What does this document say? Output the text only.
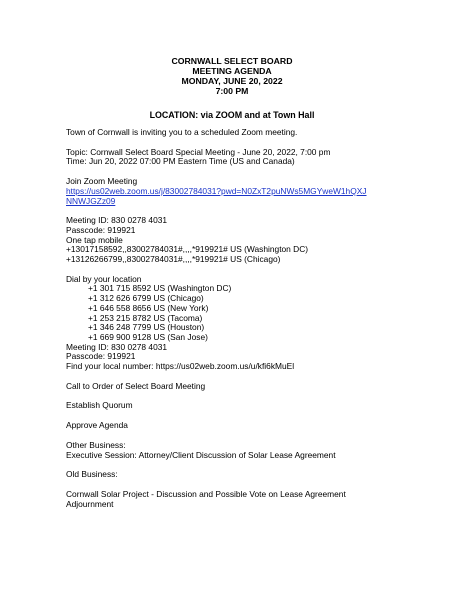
CORNWALL SELECT BOARD
MEETING AGENDA
MONDAY, JUNE 20, 2022
7:00 PM
LOCATION: via ZOOM and at Town Hall

Town of Cornwall is inviting you to a scheduled Zoom meeting.

Topic: Cornwall Select Board Special Meeting - June 20, 2022, 7:00 pm

Time: Jun 20, 2022 07:00 PM Eastern Time (US and Canada)

Join Zoom Meeting

https://us02web.zoom.us/j/83002784031?pwd=N0ZxT2puNWs5MGYweW1hQXJ

NNWJGZz09

Meeting ID: 830 0278 4031

Passcode: 919921

One tap mobile

+13017158592,,83002784031#,,,,*919921# US (Washington DC)

+13126266799,,83002784031#,,,,*919921# US (Chicago)

Dial by your location

+1 301 715 8592 US (Washington DC)

+1 312 626 6799 US (Chicago)

+1 646 558 8656 US (New York)

+1 253 215 8782 US (Tacoma)

+1 346 248 7799 US (Houston)

+1 669 900 9128 US (San Jose)

Meeting ID: 830 0278 4031

Passcode: 919921

Find your local number: https://us02web.zoom.us/u/kfi6kMuEl

Call to Order of Select Board Meeting

Establish Quorum

Approve Agenda

Other Business:

Executive Session: Attorney/Client Discussion of Solar Lease Agreement

Old Business:

Cornwall Solar Project - Discussion and Possible Vote on Lease Agreement

Adjournment
